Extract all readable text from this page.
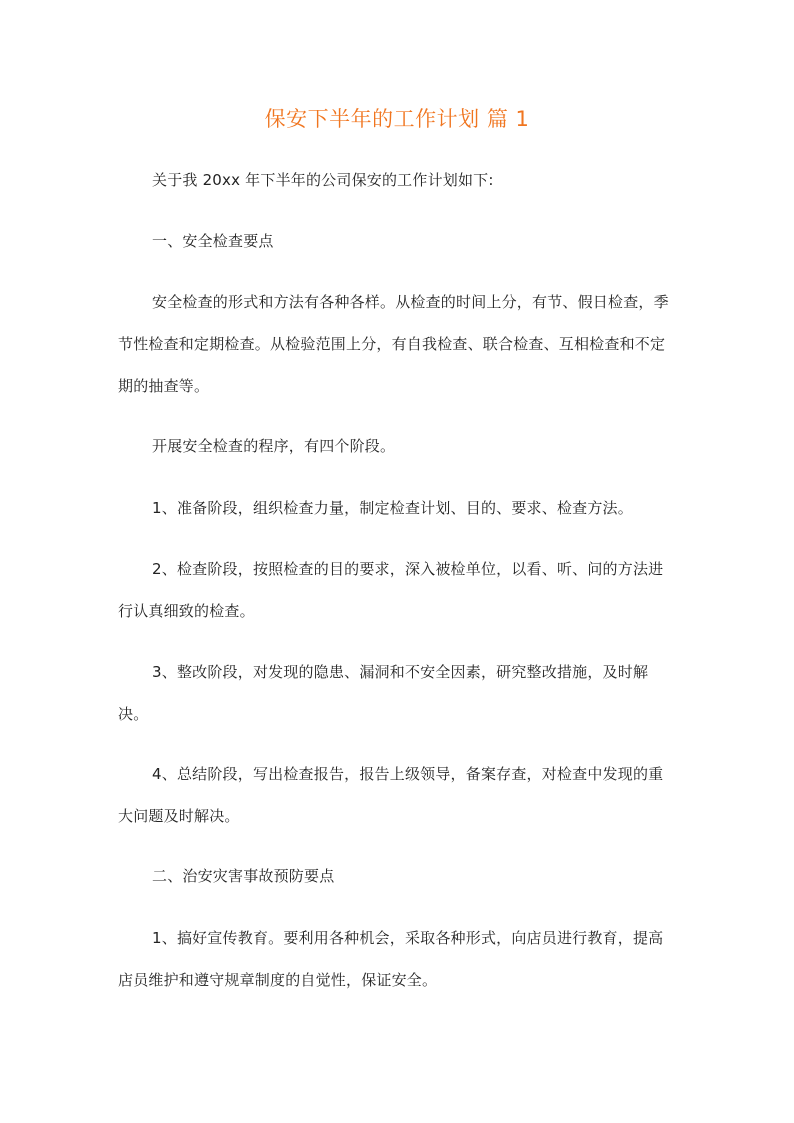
保安下半年的工作计划 篇 1

关于我 20xx 年下半年的公司保安的工作计划如下:

一、安全检查要点

安全检查的形式和方法有各种各样。从检查的时间上分，有节、假日检查，季节性检查和定期检查。从检验范围上分，有自我检查、联合检查、互相检查和不定期的抽查等。

开展安全检查的程序，有四个阶段。

1、准备阶段，组织检查力量，制定检查计划、目的、要求、检查方法。

2、检查阶段，按照检查的目的要求，深入被检单位，以看、听、问的方法进行认真细致的检查。

3、整改阶段，对发现的隐患、漏洞和不安全因素，研究整改措施，及时解决。

4、总结阶段，写出检查报告，报告上级领导，备案存查，对检查中发现的重大问题及时解决。

二、治安灾害事故预防要点

1、搞好宣传教育。要利用各种机会，采取各种形式，向店员进行教育，提高店员维护和遵守规章制度的自觉性，保证安全。
